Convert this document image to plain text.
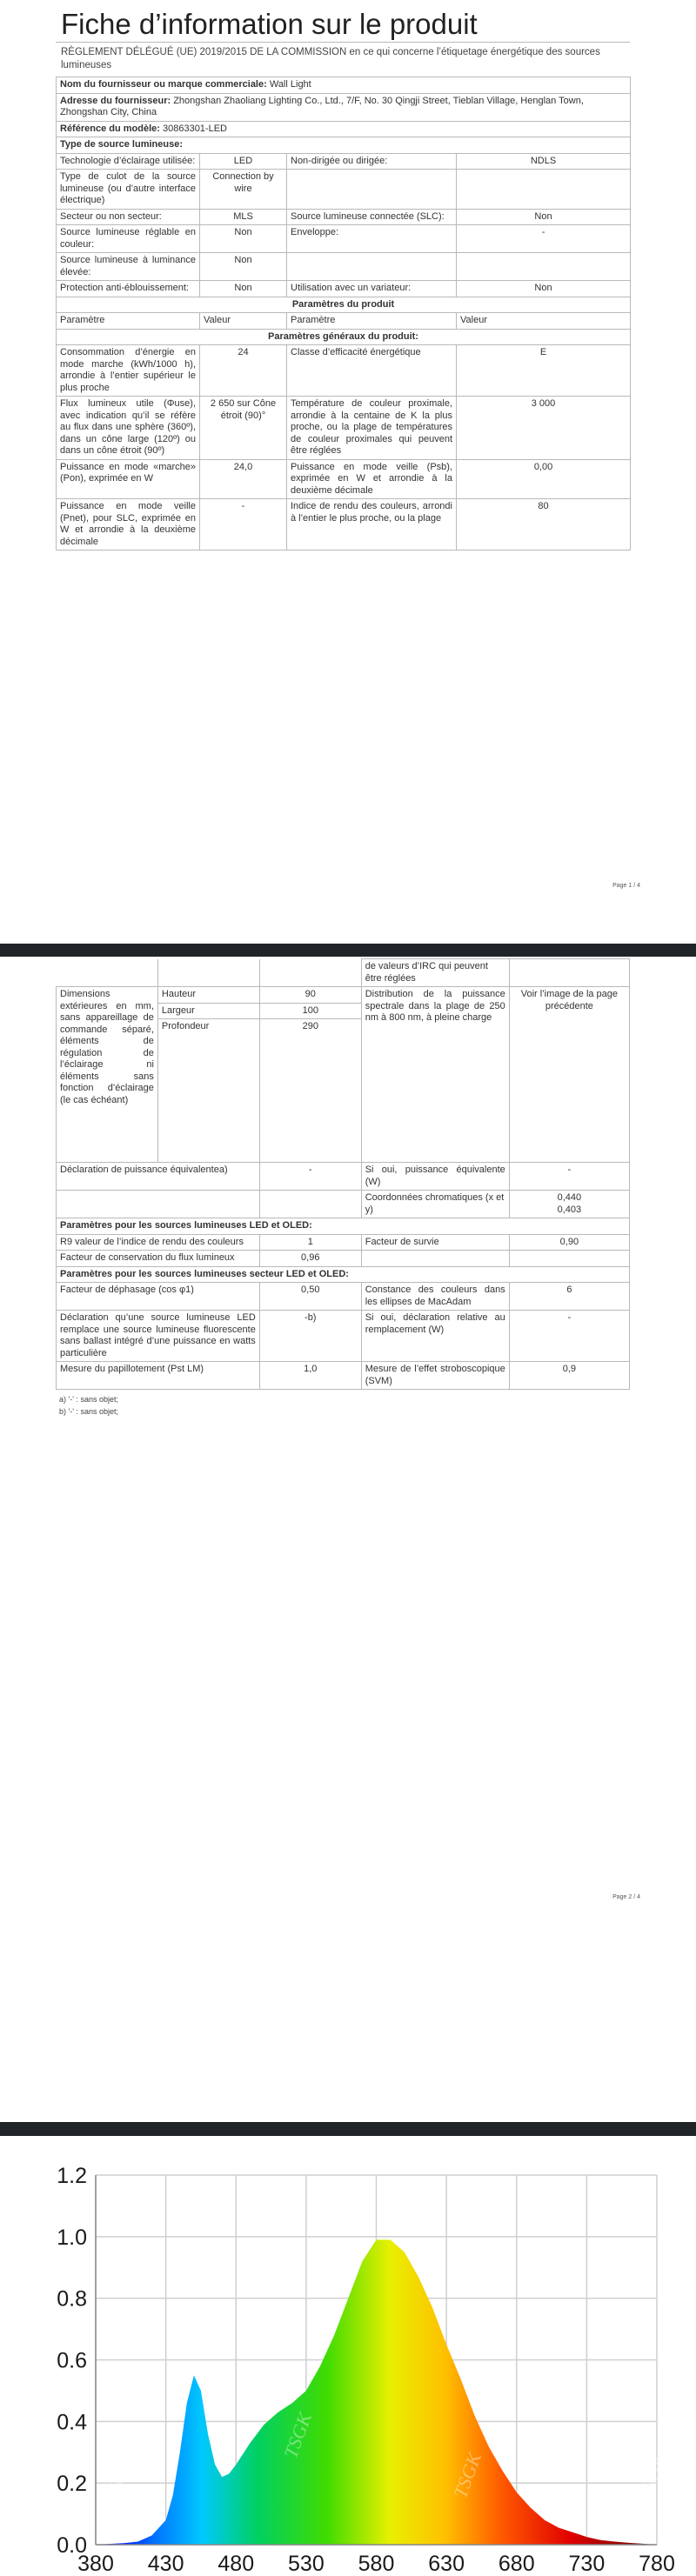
Fiche d’information sur le produit
RÈGLEMENT DÉLÉGUÉ (UE) 2019/2015 DE LA COMMISSION en ce qui concerne l’étiquetage énergétique des sources lumineuses
Nom du fournisseur ou marque commerciale: Wall Light			
Adresse du fournisseur: Zhongshan Zhaoliang Lighting Co., Ltd., 7/F, No. 30 Qingji Street, Tieblan Village, Henglan Town, Zhongshan City, China			
Référence du modèle: 30863301-LED			
Type de source lumineuse:			
Technologie d’éclairage utilisée:	LED	Non-dirigée ou dirigée:	NDLS
Type de culot de la source lumineuse (ou d’autre interface électrique)	Connection by wire		
Secteur ou non secteur:	MLS	Source lumineuse connectée (SLC):	Non
Source lumineuse réglable en couleur:	Non	Enveloppe:	-
Source lumineuse à luminance élevée:	Non		
Protection anti-éblouissement:	Non	Utilisation avec un variateur:	Non
Paramètres du produit			
Paramètre	Valeur	Paramètre	Valeur
Paramètres généraux du produit:			
Consommation d’énergie en mode marche (kWh/1000 h), arrondie à l’entier supérieur le plus proche	24	Classe d’efficacité énergétique	E
Flux lumineux utile (Φuse), avec indication qu’il se réfère au flux dans une sphère (360º), dans un cône large (120º) ou dans un cône étroit (90º)	2 650 sur Cône étroit (90)°	Température de couleur proximale, arrondie à la centaine de K la plus proche, ou la plage de températures de couleur proximales qui peuvent être réglées	3 000
Puissance en mode «marche» (Pon), exprimée en W	24,0	Puissance en mode veille (Psb), exprimée en W et arrondie à la deuxième décimale	0,00
Puissance en mode veille (Pnet), pour SLC, exprimée en W et arrondie à la deuxième décimale	-	Indice de rendu des couleurs, arrondi à l’entier le plus proche, ou la plage	80
Page 1 / 4
			de valeurs d’IRC qui peuvent être réglées	
Dimensions extérieures en mm, sans appareillage de commande séparé, éléments de régulation de l’éclairage ni éléments sans fonction d’éclairage (le cas échéant)	Hauteur	90	Distribution de la puissance spectrale dans la plage de 250 nm à 800 nm, à pleine charge	Voir l’image de la page précédente
	Largeur	100		
	Profondeur	290		
Déclaration de puissance équivalentea)		-	Si oui, puissance équivalente (W)	-
			Coordonnées chromatiques (x et y)	0,440
0,403
Paramètres pour les sources lumineuses LED et OLED:				
R9 valeur de l’indice de rendu des couleurs		1	Facteur de survie	0,90
Facteur de conservation du flux lumineux		0,96		
Paramètres pour les sources lumineuses secteur LED et OLED:				
Facteur de déphasage (cos φ1)		0,50	Constance des couleurs dans les ellipses de MacAdam	6
Déclaration qu’une source lumineuse LED remplace une source lumineuse fluorescente sans ballast intégré d’une puissance en watts particulière		-b)	Si oui, déclaration relative au remplacement (W)	-
Mesure du papillotement (Pst LM)		1,0	Mesure de l’effet stroboscopique (SVM)	0,9
a) '-' : sans objet;
b) '-' : sans objet;
Page 2 / 4
TSGK
TSGK
TSGK	TSGK
380 430 480 530 580 630 680 730 780
0.0
0.2
0.4
0.6
0.8
1.0
1.2
